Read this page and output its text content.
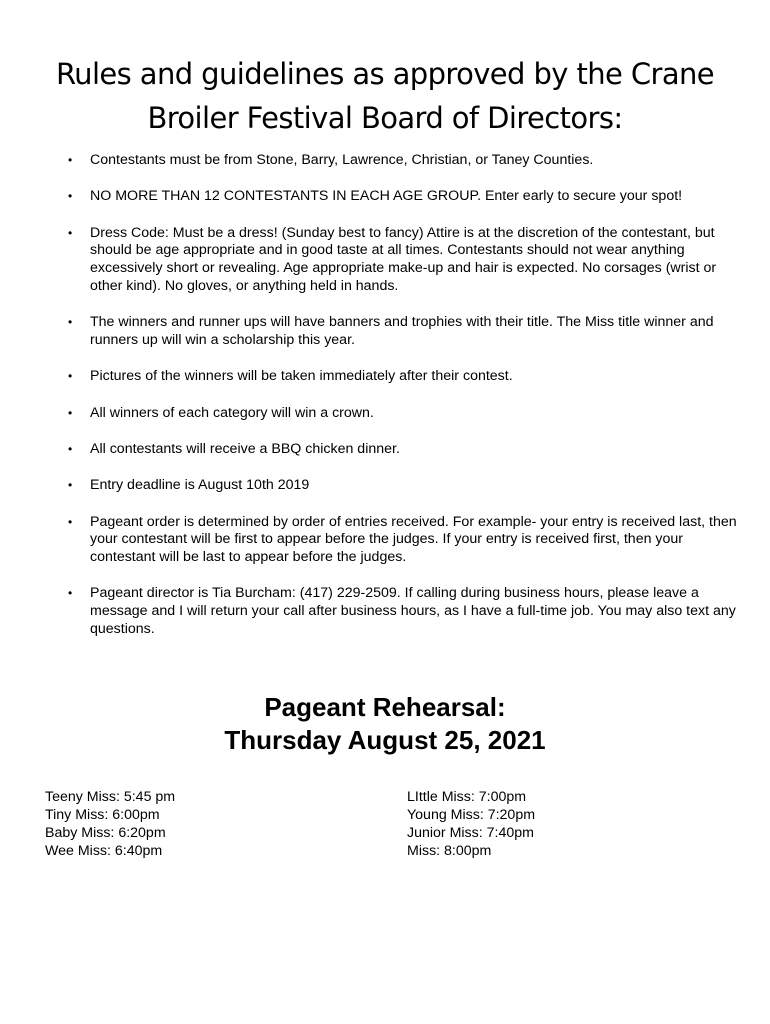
Rules and guidelines as approved by the Crane
Broiler Festival Board of Directors:
• Contestants must be from Stone, Barry, Lawrence, Christian, or Taney Counties.
• NO MORE THAN 12 CONTESTANTS IN EACH AGE GROUP. Enter early to secure your spot!
• Dress Code: Must be a dress! (Sunday best to fancy) Attire is at the discretion of the contestant, but should be age appropriate and in good taste at all times. Contestants should not wear anything excessively short or revealing. Age appropriate make-up and hair is expected. No corsages (wrist or other kind). No gloves, or anything held in hands.
• The winners and runner ups will have banners and trophies with their title. The Miss title winner and runners up will win a scholarship this year.
• Pictures of the winners will be taken immediately after their contest.
• All winners of each category will win a crown.
• All contestants will receive a BBQ chicken dinner.
• Entry deadline is August 10th 2019
• Pageant order is determined by order of entries received. For example- your entry is received last, then your contestant will be first to appear before the judges. If your entry is received first, then your contestant will be last to appear before the judges.
• Pageant director is Tia Burcham: (417) 229-2509. If calling during business hours, please leave a message and I will return your call after business hours, as I have a full-time job. You may also text any questions.
Pageant Rehearsal:
Thursday August 25, 2021
Teeny Miss: 5:45 pm
Tiny Miss: 6:00pm
Baby Miss: 6:20pm
Wee Miss: 6:40pm
LIttle Miss: 7:00pm
Young Miss: 7:20pm
Junior Miss: 7:40pm
Miss: 8:00pm
